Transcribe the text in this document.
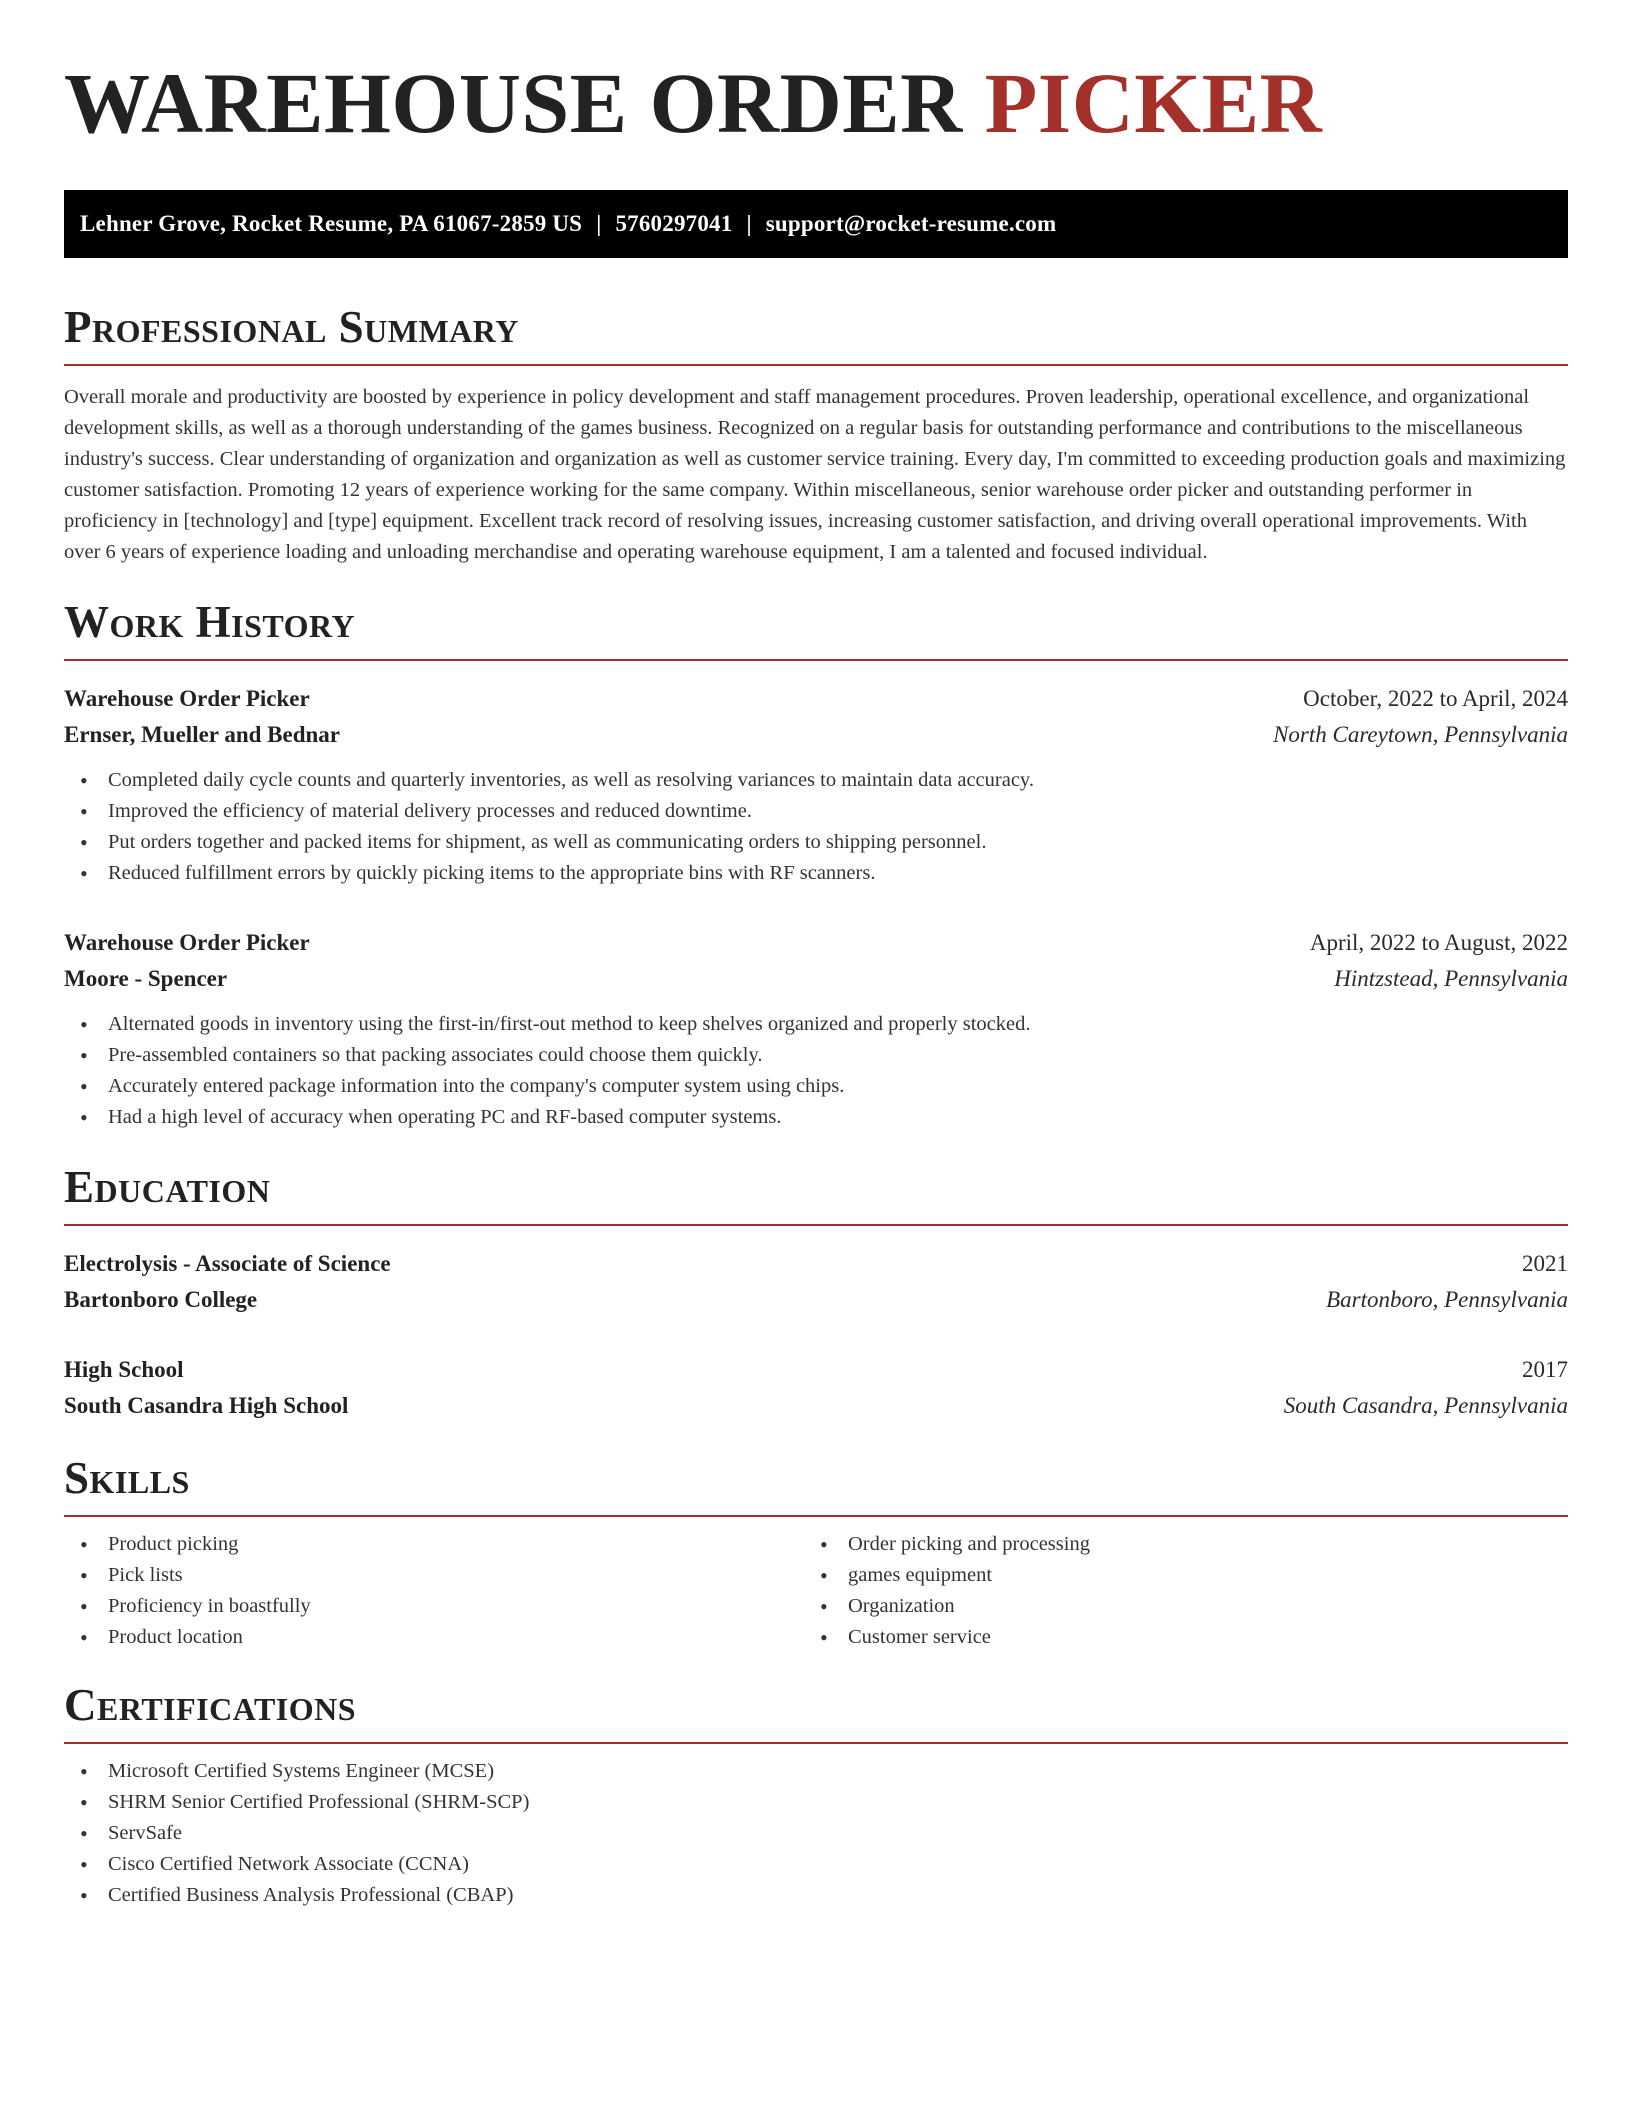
WAREHOUSE ORDER PICKER
Lehner Grove, Rocket Resume, PA 61067-2859 US | 5760297041 | support@rocket-resume.com
Professional Summary

Overall morale and productivity are boosted by experience in policy development and staff management procedures. Proven leadership, operational excellence, and organizational development skills, as well as a thorough understanding of the games business. Recognized on a regular basis for outstanding performance and contributions to the miscellaneous industry's success. Clear understanding of organization and organization as well as customer service training. Every day, I'm committed to exceeding production goals and maximizing customer satisfaction. Promoting 12 years of experience working for the same company. Within miscellaneous, senior warehouse order picker and outstanding performer in proficiency in [technology] and [type] equipment. Excellent track record of resolving issues, increasing customer satisfaction, and driving overall operational improvements. With over 6 years of experience loading and unloading merchandise and operating warehouse equipment, I am a talented and focused individual.

Work History
Warehouse Order Picker	October, 2022 to April, 2024
Ernser, Mueller and Bednar	North Careytown, Pennsylvania
• Completed daily cycle counts and quarterly inventories, as well as resolving variances to maintain data accuracy.
• Improved the efficiency of material delivery processes and reduced downtime.
• Put orders together and packed items for shipment, as well as communicating orders to shipping personnel.
• Reduced fulfillment errors by quickly picking items to the appropriate bins with RF scanners.
Warehouse Order Picker	April, 2022 to August, 2022
Moore - Spencer	Hintzstead, Pennsylvania
• Alternated goods in inventory using the first-in/first-out method to keep shelves organized and properly stocked.
• Pre-assembled containers so that packing associates could choose them quickly.
• Accurately entered package information into the company's computer system using chips.
• Had a high level of accuracy when operating PC and RF-based computer systems.
Education
Electrolysis - Associate of Science	2021
Bartonboro College	Bartonboro, Pennsylvania
High School	2017
South Casandra High School	South Casandra, Pennsylvania
Skills
• Product picking
• Pick lists
• Proficiency in boastfully
• Product location
• Order picking and processing
• games equipment
• Organization
• Customer service
Certifications
• Microsoft Certified Systems Engineer (MCSE)
• SHRM Senior Certified Professional (SHRM-SCP)
• ServSafe
• Cisco Certified Network Associate (CCNA)
• Certified Business Analysis Professional (CBAP)
